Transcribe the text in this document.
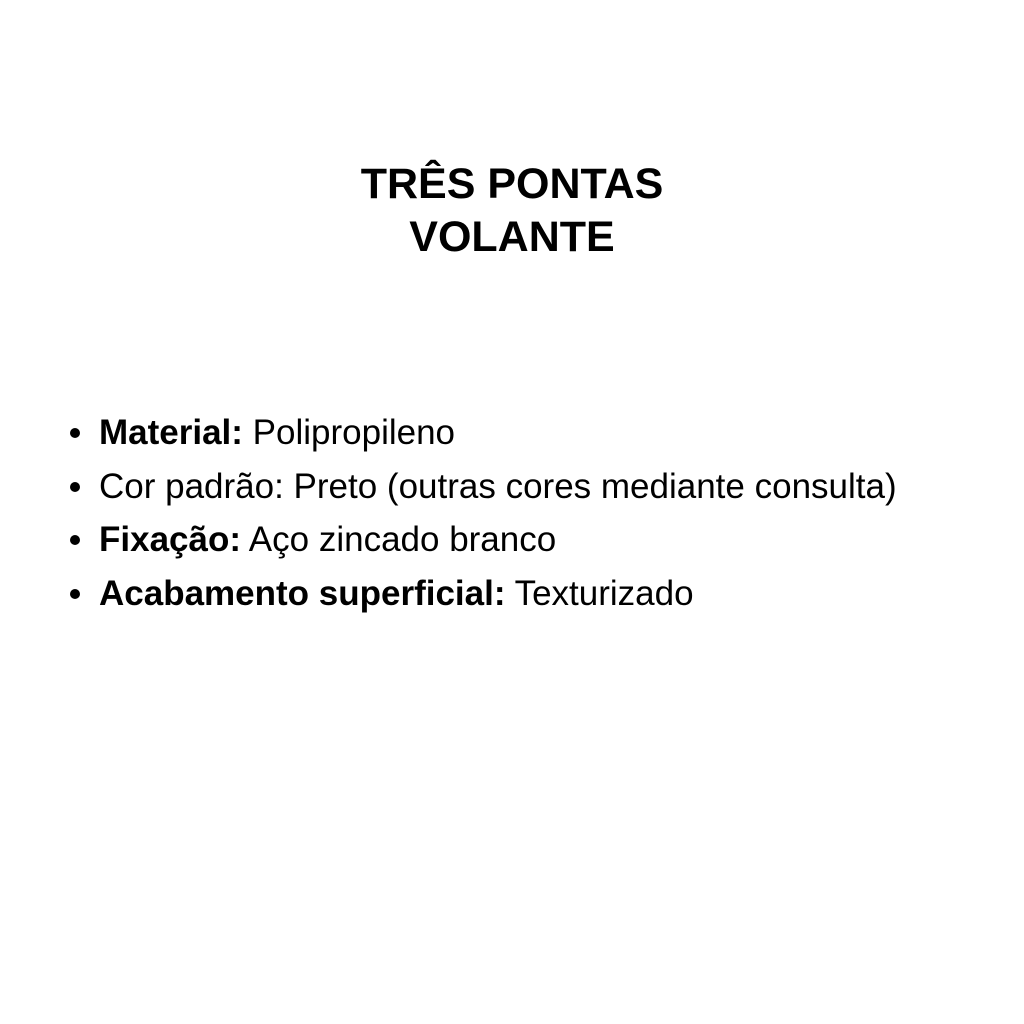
TRÊS PONTAS
VOLANTE
Material: Polipropileno
Cor padrão: Preto (outras cores mediante consulta)
Fixação: Aço zincado branco
Acabamento superficial: Texturizado
